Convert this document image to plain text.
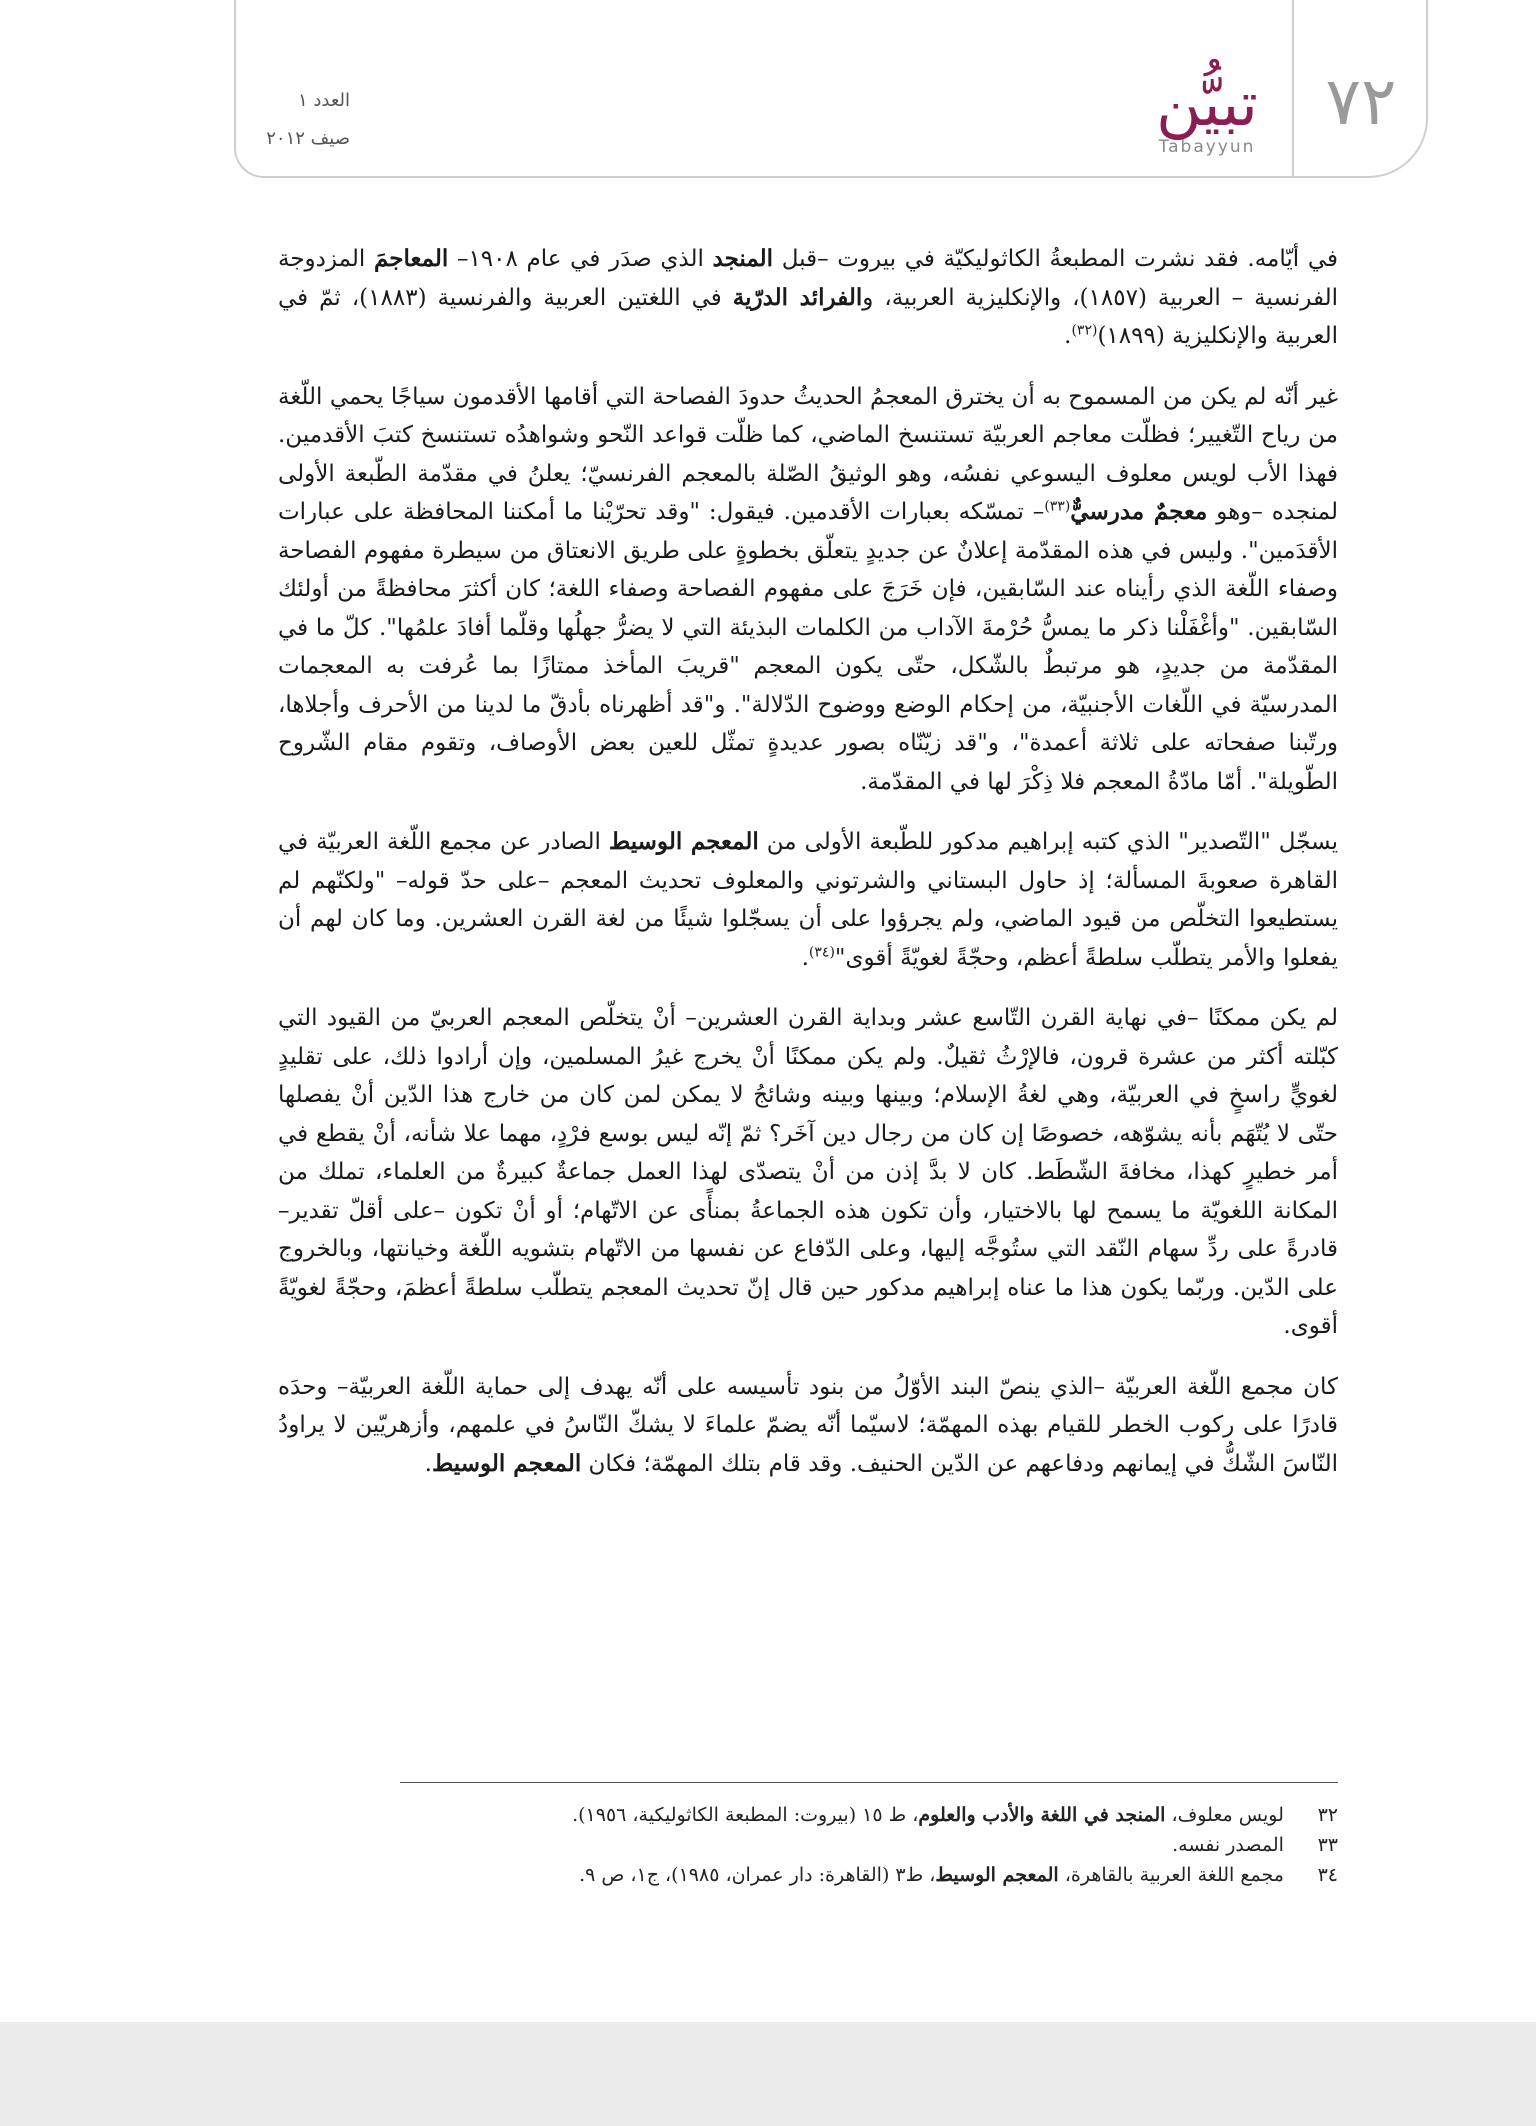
٧٢
تبيُّن
Tabayyun
العدد ١
صيف ٢٠١٢

في أيّامه. فقد نشرت المطبعةُ الكاثوليكيّة في بيروت –قبل المنجد الذي صدَر في عام ١٩٠٨– المعاجمَ المزدوجة الفرنسية – العربية (١٨٥٧)، والإنكليزية العربية، والفرائد الدرّية في اللغتين العربية والفرنسية (١٨٨٣)، ثمّ في العربية والإنكليزية (١٨٩٩)$^{(٣٢)}$.

غير أنّه لم يكن من المسموح به أن يخترق المعجمُ الحديثُ حدودَ الفصاحة التي أقامها الأقدمون سياجًا يحمي اللّغة من رياح التّغيير؛ فظلّت معاجم العربيّة تستنسخ الماضي، كما ظلّت قواعد النّحو وشواهدُه تستنسخ كتبَ الأقدمين. فهذا الأب لويس معلوف اليسوعي نفسُه، وهو الوثيقُ الصّلة بالمعجم الفرنسيّ؛ يعلنُ في مقدّمة الطّبعة الأولى لمنجده –وهو معجمٌ مدرسيٌّ$^{(٣٣)}$– تمسّكه بعبارات الأقدمين. فيقول: "وقد تحرّيْنا ما أمكننا المحافظة على عبارات الأقدَمين". وليس في هذه المقدّمة إعلانٌ عن جديدٍ يتعلّق بخطوةٍ على طريق الانعتاق من سيطرة مفهوم الفصاحة وصفاء اللّغة الذي رأيناه عند السّابقين، فإن خَرَجَ على مفهوم الفصاحة وصفاء اللغة؛ كان أكثرَ محافظةً من أولئك السّابقين. "وأغْفَلْنا ذكر ما يمسُّ حُرْمةَ الآداب من الكلمات البذيئة التي لا يضرُّ جهلُها وقلّما أفادَ علمُها". كلّ ما في المقدّمة من جديدٍ، هو مرتبطٌ بالشّكل، حتّى يكون المعجم "قريبَ المأخذ ممتازًا بما عُرفت به المعجمات المدرسيّة في اللّغات الأجنبيّة، من إحكام الوضع ووضوح الدّلالة". و"قد أظهرناه بأدقّ ما لدينا من الأحرف وأجلاها، ورتّبنا صفحاته على ثلاثة أعمدة"، و"قد زيّنّاه بصور عديدةٍ تمثّل للعين بعض الأوصاف، وتقوم مقام الشّروح الطّويلة". أمّا مادّةُ المعجم فلا ذِكْرَ لها في المقدّمة.

يسجّل "التّصدير" الذي كتبه إبراهيم مدكور للطّبعة الأولى من المعجم الوسيط الصادر عن مجمع اللّغة العربيّة في القاهرة صعوبةَ المسألة؛ إذ حاول البستاني والشرتوني والمعلوف تحديث المعجم –على حدّ قوله– "ولكنّهم لم يستطيعوا التخلّص من قيود الماضي، ولم يجرؤوا على أن يسجّلوا شيئًا من لغة القرن العشرين. وما كان لهم أن يفعلوا والأمر يتطلّب سلطةً أعظم، وحجّةً لغويّةً أقوى"$^{(٣٤)}$.

لم يكن ممكنًا –في نهاية القرن التّاسع عشر وبداية القرن العشرين– أنْ يتخلّص المعجم العربيّ من القيود التي كبّلته أكثر من عشرة قرون، فالإرْثُ ثقيلٌ. ولم يكن ممكنًا أنْ يخرج غيرُ المسلمين، وإن أرادوا ذلك، على تقليدٍ لغويٍّ راسخٍ في العربيّة، وهي لغةُ الإسلام؛ وبينها وبينه وشائجُ لا يمكن لمن كان من خارج هذا الدّين أنْ يفصلها حتّى لا يُتّهَم بأنه يشوّهه، خصوصًا إن كان من رجال دين آخَر؟ ثمّ إنّه ليس بوسع فرْدٍ، مهما علا شأنه، أنْ يقطع في أمر خطيرٍ كهذا، مخافةَ الشّطَط. كان لا بدَّ إذن من أنْ يتصدّى لهذا العمل جماعةٌ كبيرةٌ من العلماء، تملك من المكانة اللغويّة ما يسمح لها بالاختيار، وأن تكون هذه الجماعةُ بمنأًى عن الاتّهام؛ أو أنْ تكون –على أقلّ تقدير– قادرةً على ردِّ سهام النّقد التي ستُوجَّه إليها، وعلى الدّفاع عن نفسها من الاتّهام بتشويه اللّغة وخيانتها، وبالخروج على الدّين. وربّما يكون هذا ما عناه إبراهيم مدكور حين قال إنّ تحديث المعجم يتطلّب سلطةً أعظمَ، وحجّةً لغويّةً أقوى.

كان مجمع اللّغة العربيّة –الذي ينصّ البند الأوّلُ من بنود تأسيسه على أنّه يهدف إلى حماية اللّغة العربيّة– وحدَه قادرًا على ركوب الخطر للقيام بهذه المهمّة؛ لاسيّما أنّه يضمّ علماءَ لا يشكّ النّاسُ في علمهم، وأزهريّين لا يراودُ النّاسَ الشّكُّ في إيمانهم ودفاعهم عن الدّين الحنيف. وقد قام بتلك المهمّة؛ فكان المعجم الوسيط.

٣٢  لويس معلوف، المنجد في اللغة والأدب والعلوم، ط ١٥ (بيروت: المطبعة الكاثوليكية، ١٩٥٦).
٣٣  المصدر نفسه.
٣٤  مجمع اللغة العربية بالقاهرة، المعجم الوسيط، ط٣ (القاهرة: دار عمران، ١٩٨٥)، ج١، ص ٩.
